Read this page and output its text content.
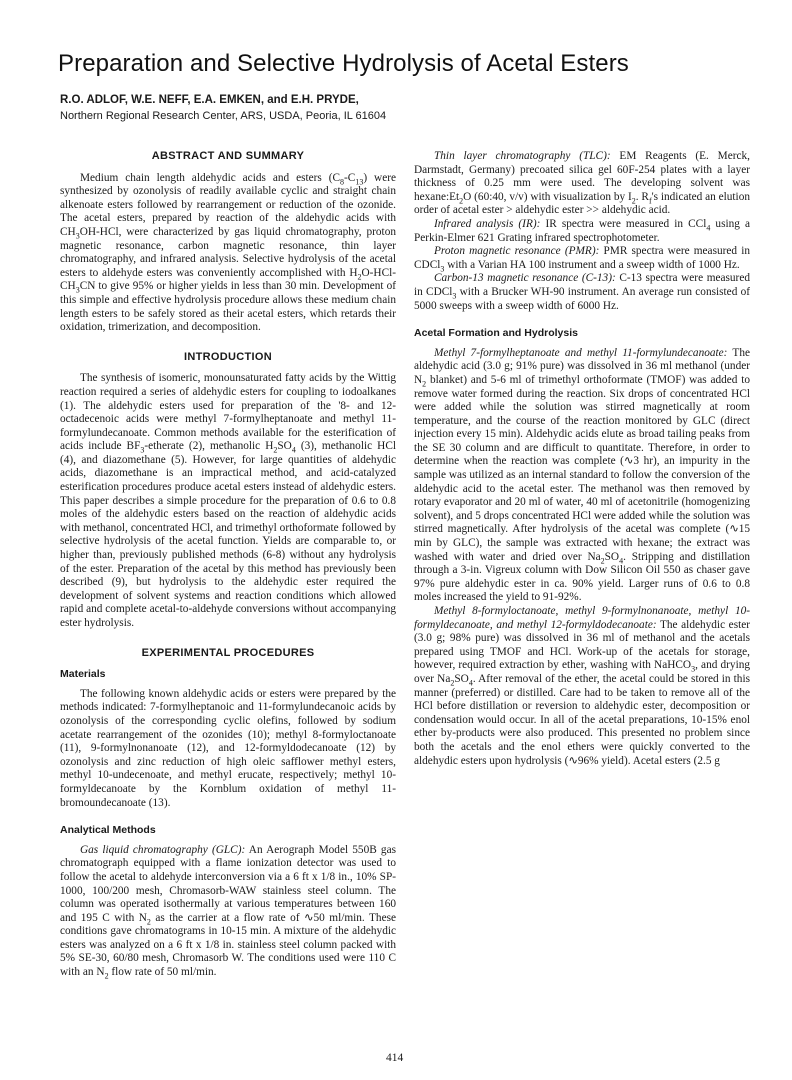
Preparation and Selective Hydrolysis of Acetal Esters

R.O. ADLOF, W.E. NEFF, E.A. EMKEN, and E.H. PRYDE,

Northern Regional Research Center, ARS, USDA, Peoria, IL 61604

ABSTRACT AND SUMMARY

Medium chain length aldehydic acids and esters $(C_8-C_{13})$ were synthesized by ozonolysis of readily available cyclic and straight chain alkenoate esters followed by rearrangement or reduction of the ozonide. The acetal esters, prepared by reaction of the aldehydic acids with $CH_3OH$-HCl, were characterized by gas liquid chromatography, proton magnetic resonance, carbon magnetic resonance, thin layer chromatography, and infrared analysis. Selective hydrolysis of the acetal esters to aldehyde esters was conveniently accomplished with $H_2O-HCl-CH_3CN$ to give 95% or higher yields in less than 30 min. Development of this simple and effective hydrolysis procedure allows these medium chain length esters to be safely stored as their acetal esters, which retards their oxidation, trimerization, and decomposition.

INTRODUCTION

The synthesis of isomeric, monounsaturated fatty acids by the Wittig reaction required a series of aldehydic esters for coupling to iodoalkanes (1). The aldehydic esters used for preparation of the '8- and 12-octadecenoic acids were methyl 7-formylheptanoate and methyl 11-formylundecanoate. Common methods available for the esterification of acids include $BF_3$-etherate (2), methanolic $H_2SO_4$ (3), methanolic HCl (4), and diazomethane (5). However, for large quantities of aldehydic acids, diazomethane is an impractical method, and acid-catalyzed esterification procedures produce acetal esters instead of aldehydic esters. This paper describes a simple procedure for the preparation of 0.6 to 0.8 moles of the aldehydic esters based on the reaction of aldehydic acids with methanol, concentrated HCl, and trimethyl orthoformate followed by selective hydrolysis of the acetal function. Yields are comparable to, or higher than, previously published methods (6-8) without any hydrolysis of the ester. Preparation of the acetal by this method has previously been described (9), but hydrolysis to the aldehydic ester required the development of solvent systems and reaction conditions which allowed rapid and complete acetal-to-aldehyde conversions without accompanying ester hydrolysis.

EXPERIMENTAL PROCEDURES
Materials

The following known aldehydic acids or esters were prepared by the methods indicated: 7-formylheptanoic and 11-formylundecanoic acids by ozonolysis of the corresponding cyclic olefins, followed by sodium acetate rearrangement of the ozonides (10); methyl 8-formyloctanoate (11), 9-formylnonanoate (12), and 12-formyldodecanoate (12) by ozonolysis and zinc reduction of high oleic safflower methyl esters, methyl 10-undecenoate, and methyl erucate, respectively; methyl 10-formyldecanoate by the Kornblum oxidation of methyl 11-bromoundecanoate (13).

Analytical Methods

Gas liquid chromatography (GLC): An Aerograph Model 550B gas chromatograph equipped with a flame ionization detector was used to follow the acetal to aldehyde interconversion via a 6 ft x 1/8 in., 10% SP-1000, 100/200 mesh, Chromasorb-WAW stainless steel column. The column was operated isothermally at various temperatures between 160 and 195 C with $N_2$ as the carrier at a flow rate of ∿50 ml/min. These conditions gave chromatograms in 10-15 min. A mixture of the aldehydic esters was analyzed on a 6 ft x 1/8 in. stainless steel column packed with 5% SE-30, 60/80 mesh, Chromasorb W. The conditions used were 110 C with an $N_2$ flow rate of 50 ml/min.

Thin layer chromatography (TLC): EM Reagents (E. Merck, Darmstadt, Germany) precoated silica gel 60F-254 plates with a layer thickness of 0.25 mm were used. The developing solvent was $hexane:Et_2O$ (60:40, v/v) with visualization by $I_2$. $R_f's$ indicated an elution order of acetal ester > aldehydic ester >> aldehydic acid.

Infrared analysis (IR): IR spectra were measured in CCl$_4$ using a Perkin-Elmer 621 Grating infrared spectrophotometer.

Proton magnetic resonance (PMR): PMR spectra were measured in CDCl$_3$ with a Varian HA 100 instrument and a sweep width of 1000 Hz.

Carbon-13 magnetic resonance (C-13): C-13 spectra were measured in CDCl$_3$ with a Brucker WH-90 instrument. An average run consisted of 5000 sweeps with a sweep width of 6000 Hz.

Acetal Formation and Hydrolysis

Methyl 7-formylheptanoate and methyl 11-formylundecanoate: The aldehydic acid (3.0 g; 91% pure) was dissolved in 36 ml methanol (under $N_2$ blanket) and 5-6 ml of trimethyl orthoformate (TMOF) was added to remove water formed during the reaction. Six drops of concentrated HCl were added while the solution was stirred magnetically at room temperature, and the course of the reaction monitored by GLC (direct injection every 15 min). Aldehydic acids elute as broad tailing peaks from the SE 30 column and are difficult to quantitate. Therefore, in order to determine when the reaction was complete (∿3 hr), an impurity in the sample was utilized as an internal standard to follow the conversion of the aldehydic acid to the acetal ester. The methanol was then removed by rotary evaporator and 20 ml of water, 40 ml of acetonitrile (homogenizing solvent), and 5 drops concentrated HCl were added while the solution was stirred magnetically. After hydrolysis of the acetal was complete (∿15 min by GLC), the sample was extracted with hexane; the extract was washed with water and dried over $Na_2SO_4$. Stripping and distillation through a 3-in. Vigreux column with Dow Silicon Oil 550 as chaser gave 97% pure aldehydic ester in ca. 90% yield. Larger runs of 0.6 to 0.8 moles increased the yield to 91-92%.

Methyl 8-formyloctanoate, methyl 9-formylnonanoate, methyl 10-formyldecanoate, and methyl 12-formyldodecanoate: The aldehydic ester (3.0 g; 98% pure) was dissolved in 36 ml of methanol and the acetals prepared using TMOF and HCl. Work-up of the acetals for storage, however, required extraction by ether, washing with NaHCO$_3$, and drying over $Na_2SO_4$. After removal of the ether, the acetal could be stored in this manner (preferred) or distilled. Care had to be taken to remove all of the HCl before distillation or reversion to aldehydic ester, decomposition or condensation would occur. In all of the acetal preparations, 10-15% enol ether by-products were also produced. This presented no problem since both the acetals and the enol ethers were quickly converted to the aldehydic esters upon hydrolysis (∿96% yield). Acetal esters (2.5 g

414
